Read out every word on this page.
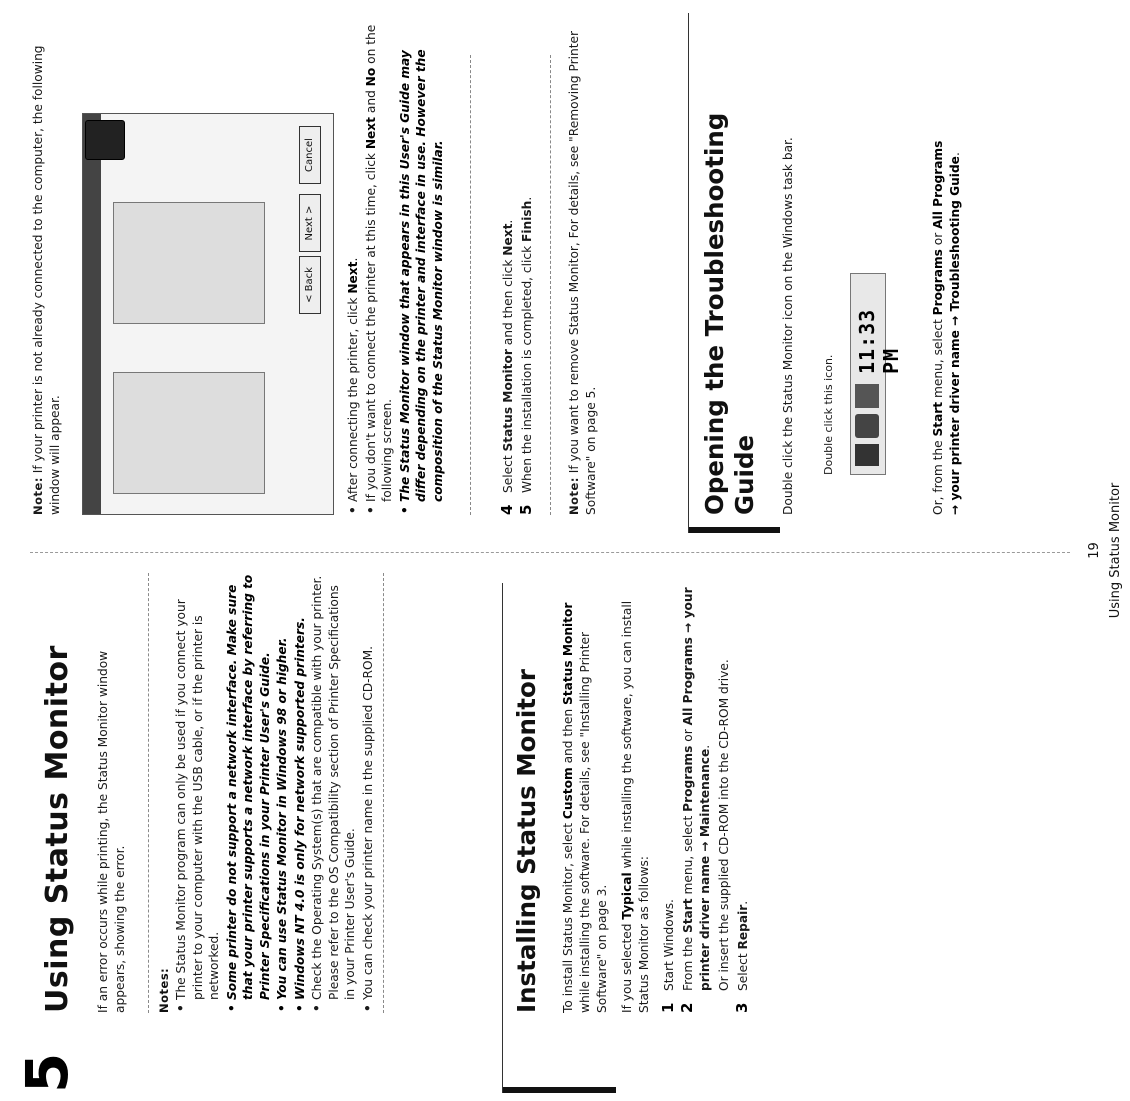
5
Using Status Monitor If an error occurs while printing, the Status Monitor window appears, showing the error.	Notes: •
The Status Monitor program can only be used if you connect your printer to your computer with the USB cable, or if the printer is networked.

•
Some printer do not support a network interface. Make sure that your printer supports a network interface by referring to Printer Specifications in your Printer User's Guide.

•
You can use Status Monitor in Windows 98 or higher.

•
Windows NT 4.0 is only for network supported printers.

•
Check the Operating System(s) that are compatible with your printer. Please refer to the OS Compatibility section of Printer Specifications in your Printer User's Guide.

•
You can check your printer name in the supplied CD-ROM.	Installing Status Monitor To install Status Monitor, select Custom and then Status Monitor while installing the software. For details, see "Installing Printer Software" on page 3. If you selected Typical while installing the software, you can install Status Monitor as follows: 1
Start Windows.

2
From the Start menu, select Programs or All Programs → your printer driver name → Maintenance. Or insert the supplied CD-ROM into the CD-ROM drive.

3
Select Repair.

Note: If your printer is not already connected to the computer, the following window will appear.

< Back
Next >
Cancel

•
After connecting the printer, click Next.

•
If you don't want to connect the printer at this time, click Next and No on the following screen.

•
The Status Monitor window that appears in this User's Guide may differ depending on the printer and interface in use. However the composition of the Status Monitor window is similar.

4
Select Status Monitor and then click Next.

5
When the installation is completed, click Finish.

Note: If you want to remove Status Monitor, For details, see "Removing Printer Software" on page 5.	Opening the Troubleshooting Guide Double click the Status Monitor icon on the Windows task bar. Double click this icon.

11:33 PM

Or, from the Start menu, select Programs or All Programs → your printer driver name → Troubleshooting Guide.

19 Using Status Monitor
